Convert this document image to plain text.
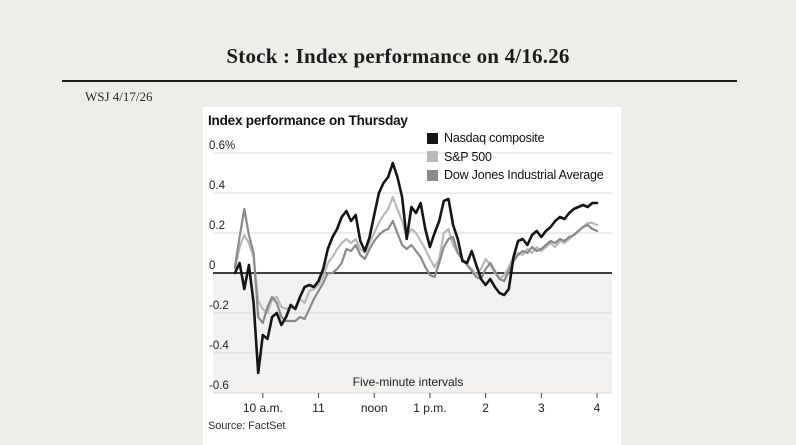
Stock : Index performance on 4/16.26
WSJ 4/17/26
10 a.m. 11	noon 1 p.m.	2	3	4
0.6%
0.4
0.2
0
-0.2
-0.4
-0.6	Five-minute intervals
Index performance on Thursday
Nasdaq composite
S&P 500
Dow Jones Industrial Average
Source: FactSet
